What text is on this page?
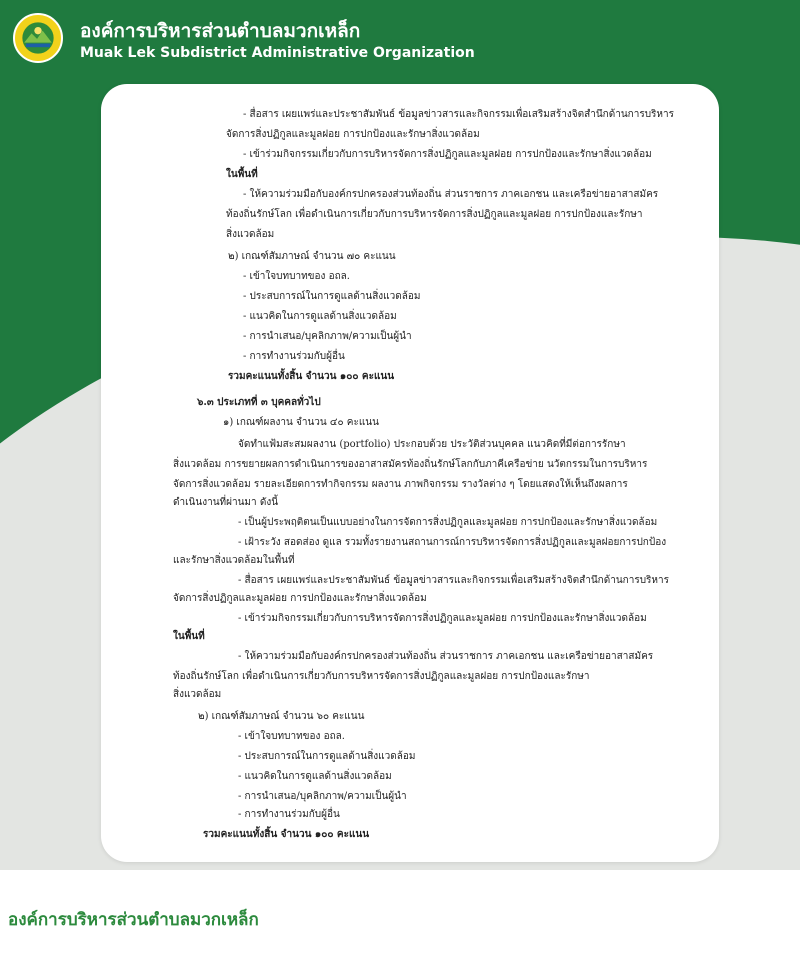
องค์การบริหารส่วนตำบลมวกเหล็ก
Muak Lek Subdistrict Administrative Organization
- สื่อสาร เผยแพร่และประชาสัมพันธ์ ข้อมูลข่าวสารและกิจกรรมเพื่อเสริมสร้างจิตสำนึกด้านการบริหาร
จัดการสิ่งปฏิกูลและมูลฝอย การปกป้องและรักษาสิ่งแวดล้อม
- เข้าร่วมกิจกรรมเกี่ยวกับการบริหารจัดการสิ่งปฏิกูลและมูลฝอย การปกป้องและรักษาสิ่งแวดล้อม
ในพื้นที่
- ให้ความร่วมมือกับองค์กรปกครองส่วนท้องถิ่น ส่วนราชการ ภาคเอกชน และเครือข่ายอาสาสมัคร
ท้องถิ่นรักษ์โลก เพื่อดำเนินการเกี่ยวกับการบริหารจัดการสิ่งปฏิกูลและมูลฝอย การปกป้องและรักษา
สิ่งแวดล้อม
๒) เกณฑ์สัมภาษณ์ จำนวน ๗๐ คะแนน
- เข้าใจบทบาทของ อถล.
- ประสบการณ์ในการดูแลด้านสิ่งแวดล้อม
- แนวคิดในการดูแลด้านสิ่งแวดล้อม
- การนำเสนอ/บุคลิกภาพ/ความเป็นผู้นำ
- การทำงานร่วมกับผู้อื่น
รวมคะแนนทั้งสิ้น จำนวน ๑๐๐ คะแนน
๖.๓ ประเภทที่ ๓ บุคคลทั่วไป
๑) เกณฑ์ผลงาน จำนวน ๔๐ คะแนน
จัดทำแฟ้มสะสมผลงาน (portfolio) ประกอบด้วย ประวัติส่วนบุคคล แนวคิดที่มีต่อการรักษา
สิ่งแวดล้อม การขยายผลการดำเนินการของอาสาสมัครท้องถิ่นรักษ์โลกกับภาคีเครือข่าย นวัตกรรมในการบริหาร
จัดการสิ่งแวดล้อม รายละเอียดการทำกิจกรรม ผลงาน ภาพกิจกรรม รางวัลต่าง ๆ โดยแสดงให้เห็นถึงผลการ
ดำเนินงานที่ผ่านมา ดังนี้
- เป็นผู้ประพฤติตนเป็นแบบอย่างในการจัดการสิ่งปฏิกูลและมูลฝอย การปกป้องและรักษาสิ่งแวดล้อม
- เฝ้าระวัง สอดส่อง ดูแล รวมทั้งรายงานสถานการณ์การบริหารจัดการสิ่งปฏิกูลและมูลฝอยการปกป้อง
และรักษาสิ่งแวดล้อมในพื้นที่
- สื่อสาร เผยแพร่และประชาสัมพันธ์ ข้อมูลข่าวสารและกิจกรรมเพื่อเสริมสร้างจิตสำนึกด้านการบริหาร
จัดการสิ่งปฏิกูลและมูลฝอย การปกป้องและรักษาสิ่งแวดล้อม
- เข้าร่วมกิจกรรมเกี่ยวกับการบริหารจัดการสิ่งปฏิกูลและมูลฝอย การปกป้องและรักษาสิ่งแวดล้อม
ในพื้นที่
- ให้ความร่วมมือกับองค์กรปกครองส่วนท้องถิ่น ส่วนราชการ ภาคเอกชน และเครือข่ายอาสาสมัคร
ท้องถิ่นรักษ์โลก เพื่อดำเนินการเกี่ยวกับการบริหารจัดการสิ่งปฏิกูลและมูลฝอย การปกป้องและรักษา
สิ่งแวดล้อม
๒) เกณฑ์สัมภาษณ์ จำนวน ๖๐ คะแนน
- เข้าใจบทบาทของ อถล.
- ประสบการณ์ในการดูแลด้านสิ่งแวดล้อม
- แนวคิดในการดูแลด้านสิ่งแวดล้อม
- การนำเสนอ/บุคลิกภาพ/ความเป็นผู้นำ
- การทำงานร่วมกับผู้อื่น
รวมคะแนนทั้งสิ้น จำนวน ๑๐๐ คะแนน
องค์การบริหารส่วนตำบลมวกเหล็ก
